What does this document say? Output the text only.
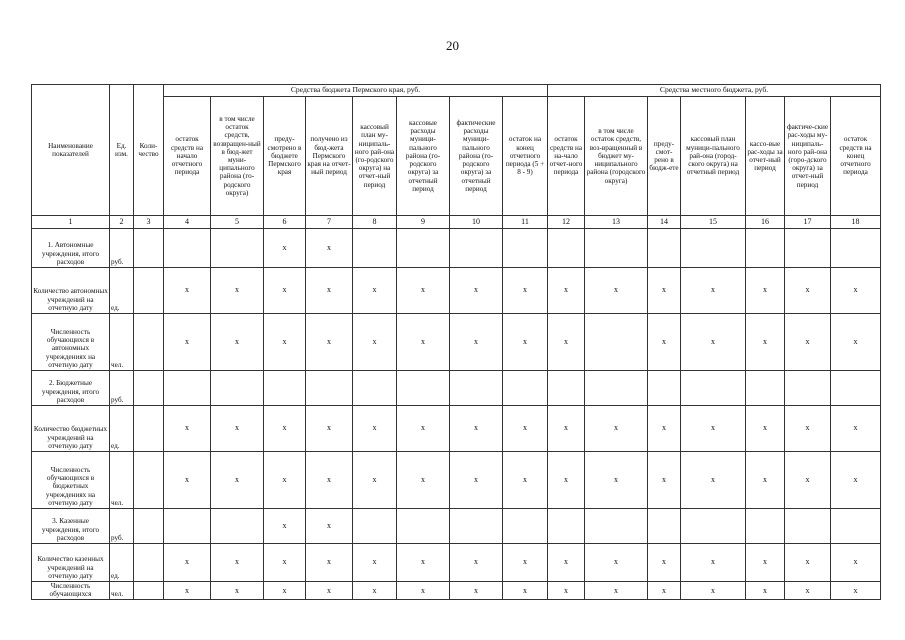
20
Наименование показателей	Ед. изм.	Коли-чество	Средства бюджета Пермского края, руб.								Средства местного бюджета, руб.						
			остаток средств на начало отчетного периода	в том числе остаток средств, возвращен-ный в бюд-жет муни-ципального района (го-родского округа)	преду-смотрено в бюджете Пермского края	получено из бюд-жета Пермского края на отчет-ный период	кассовый план му-ниципаль-ного рай-она (го-родского округа) на отчет-ный период	кассовые расходы муници-пального района (го-родского округа) за отчетный период	фактические расходы муници-пального района (го-родского округа) за отчетный период	остаток на конец отчетного периода (5 + 8 - 9)	остаток средств на на-чало отчет-ного периода	в том числе остаток средств, воз-вращенный в бюджет му-ниципального района (городского округа)	преду-смот-рено в бюдж-ете	кассовый план муници-пального рай-она (город-ского округа) на отчетный период	кассо-вые рас-ходы за отчет-ный период	фактиче-ские рас-ходы му-ниципаль-ного рай-она (горо-дского округа) за отчет-ный период	остаток средств на конец отчетного периода
1	2	3	4	5	6	7	8	9	10	11	12	13	14	15	16	17	18
1. Автономные учреждения, итого расходов	руб.				x	x											
Количество автономных учреждений на отчетную дату	ед.		x	x	x	x	x	x	x	x	x	x	x	x	x	x	x
Численность обучающихся в автономных учреждениях на отчетную дату	чел.		x	x	x	x	x	x	x	x	x		x	x	x	x	x
2. Бюджетные учреждения, итого расходов	руб.																
Количество бюджетных учреждений на отчетную дату	ед.		x	x	x	x	x	x	x	x	x	x	x	x	x	x	x
Численность обучающихся в бюджетных учреждениях на отчетную дату	чел.		x	x	x	x	x	x	x	x	x	x	x	x	x	x	x
3. Казенные учреждения, итого расходов	руб.				x	x											
Количество казенных учреждений на отчетную дату	ед.		x	x	x	x	x	x	x	x	x	x	x	x	x	x	x
Численность обучающихся	чел.		x	x	x	x	x	x	x	x	x	x	x	x	x	x	x
